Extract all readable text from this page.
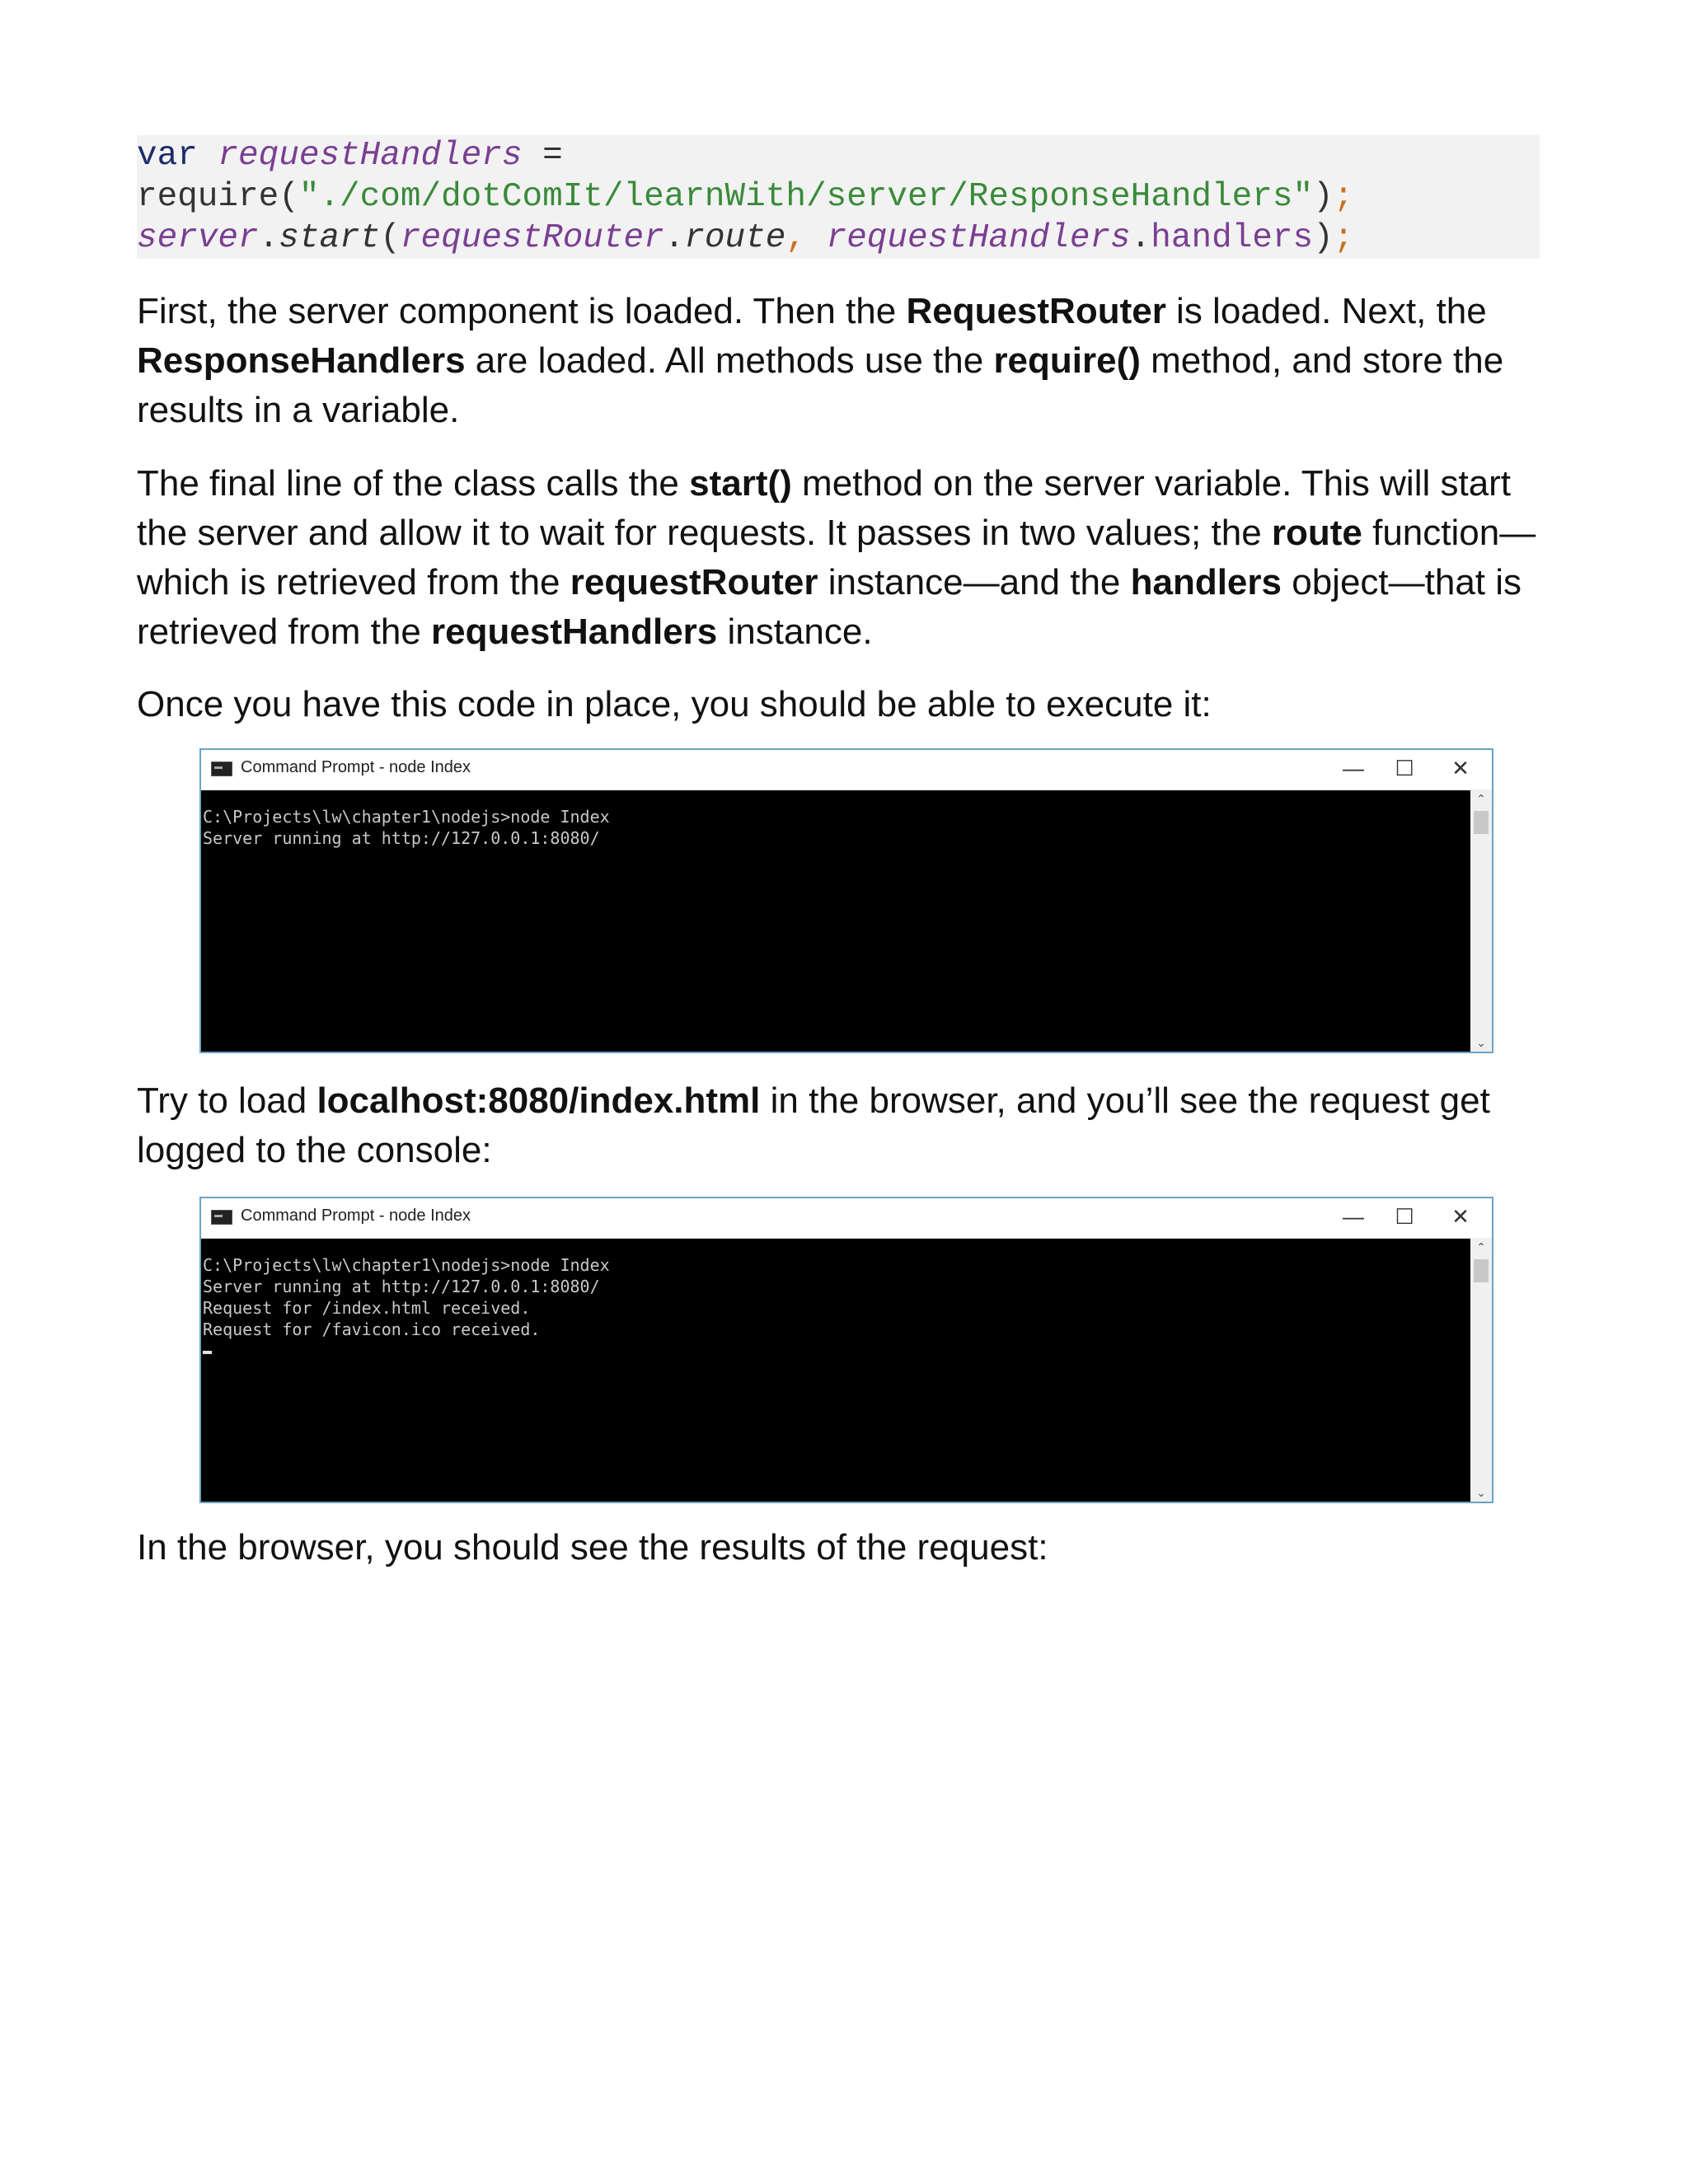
var requestHandlers =
require("./com/dotComIt/learnWith/server/ResponseHandlers");
server.start(requestRouter.route, requestHandlers.handlers);

First, the server component is loaded. Then the RequestRouter is loaded. Next, the ResponseHandlers are loaded. All methods use the require() method, and store the results in a variable.

The final line of the class calls the start() method on the server variable. This will start the server and allow it to wait for requests. It passes in two values; the route function—which is retrieved from the requestRouter instance—and the handlers object—that is retrieved from the requestHandlers instance.

Once you have this code in place, you should be able to execute it:

Command Prompt - node Index	—	☐	✕
C:\Projects\lw\chapter1\nodejs>node Index
Server running at http://127.0.0.1:8080/
⌃
⌄

Try to load localhost:8080/index.html in the browser, and you’ll see the request get logged to the console:

Command Prompt - node Index	—	☐	✕
C:\Projects\lw\chapter1\nodejs>node Index
Server running at http://127.0.0.1:8080/
Request for /index.html received.
Request for /favicon.ico received.
⌃
⌄

In the browser, you should see the results of the request:
